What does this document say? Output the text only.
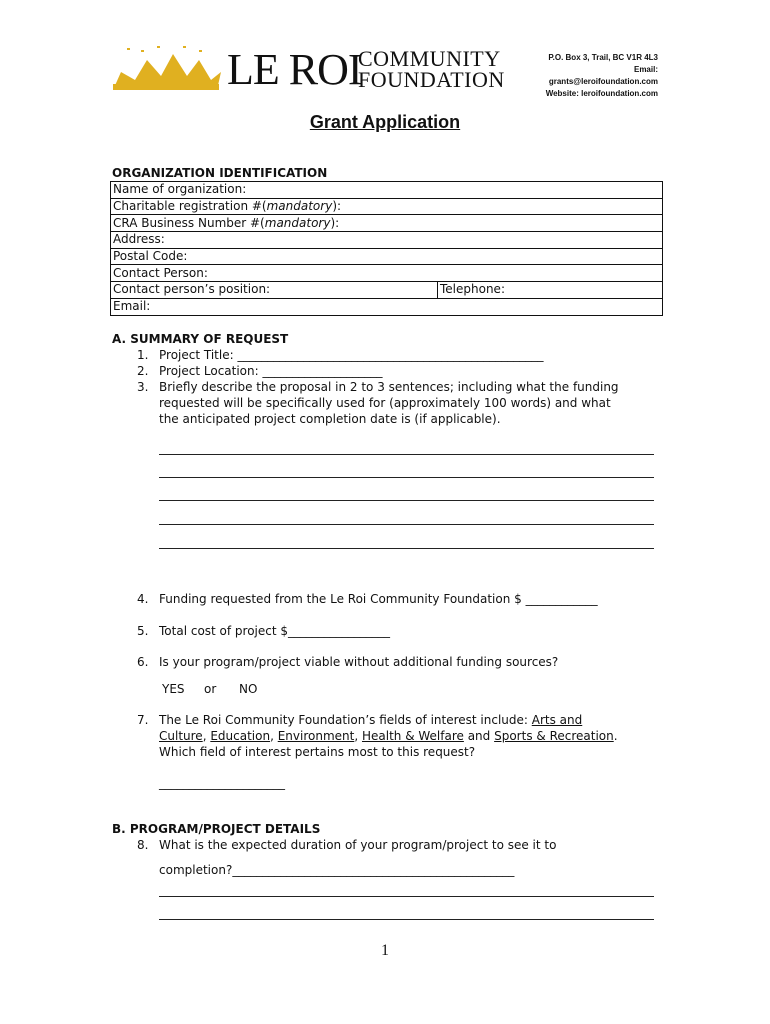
LE ROI
COMMUNITY
FOUNDATION
P.O. Box 3, Trail, BC V1R 4L3
Email:
grants@leroifoundation.com
Website: leroifoundation.com
Grant Application
ORGANIZATION IDENTIFICATION
Name of organization:
Charitable registration #(mandatory):
CRA Business Number #(mandatory):
Address:
Postal Code:
Contact Person:
Contact person’s position:	Telephone:
Email:
A. SUMMARY OF REQUEST
1. Project Title: ___________________________________________________
2. Project Location: ____________________
3. Briefly describe the proposal in 2 to 3 sentences; including what the funding
requested will be specifically used for (approximately 100 words) and what
the anticipated project completion date is (if applicable).
4. Funding requested from the Le Roi Community Foundation $ ____________
5. Total cost of project $_________________
6. Is your program/project viable without additional funding sources?
YES or NO
7. The Le Roi Community Foundation’s fields of interest include: Arts and
Culture, Education, Environment, Health & Welfare and Sports & Recreation.
Which field of interest pertains most to this request?
_____________________
B. PROGRAM/PROJECT DETAILS
8. What is the expected duration of your program/project to see it to
completion?_______________________________________________
1
